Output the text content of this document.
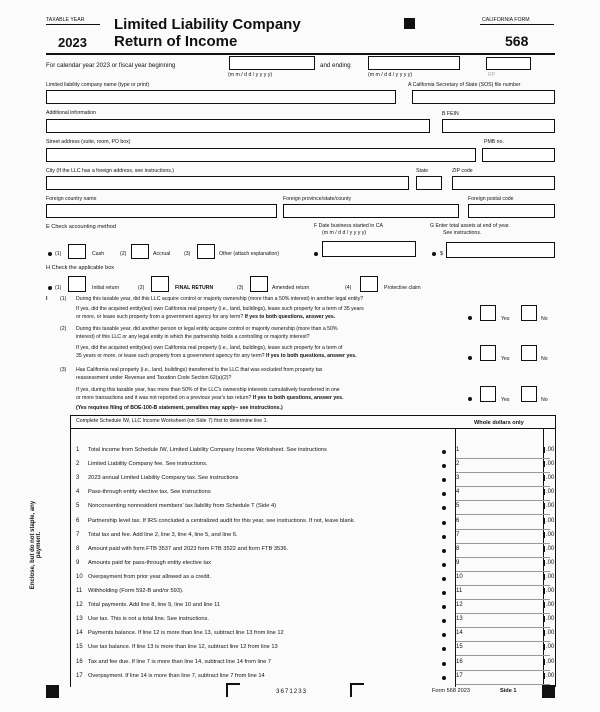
TAXABLE YEAR
2023
Limited Liability Company
Return of Income
CALIFORNIA FORM
568
For calendar year 2023 or fiscal year beginning
(m m / d d / y y y y)
and ending
(m m / d d / y y y y)	RP
Limited liability company name (type or print)	A California Secretary of State (SOS) file number
Additional information	B FEIN
Street address (suite, room, PO box)	PMB no.
City (If the LLC has a foreign address, see instructions.)	State	ZIP code
Foreign country name	Foreign province/state/county	Foreign postal code
E Check accounting method	F Date business started in CA
(m m / d d / y y y y)
G Enter total assets at end of year.
See instructions.
(1)	Cash	(2)	Accrual	(3)	Other (attach explanation)	$
H Check the applicable box
(1)	Initial return	(2)	FINAL RETURN	(3)	Amended return	(4)	Protective claim
I (1) During this taxable year, did this LLC acquire control or majority ownership (more than a 50% interest) in another legal entity?
If yes, did the acquired entity(ies) own California real property (i.e., land, buildings), lease such property for a term of 35 years
or more, or lease such property from a government agency for any term? If yes to both questions, answer yes.	Yes	No
(2) During this taxable year, did another person or legal entity acquire control or majority ownership (more than a 50%
interest) of this LLC or any legal entity in which the partnership holds a controlling or majority interest?
If yes, did the acquired entity(ies) own California real property (i.e., land, buildings), lease such property for a term of
35 years or more, or lease such property from a government agency for any term? If yes to both questions, answer yes.	Yes	No
(3) Has California real property (i.e., land, buildings) transferred to the LLC that was excluded from property tax
reassessment under Revenue and Taxation Code Section 62(a)(2)?
If yes, during this taxable year, has more than 50% of the LLC's ownership interests cumulatively transferred in one
or more transactions and it was not reported on a previous year's tax return? If yes to both questions, answer yes.	Yes	No
(Yes requires filing of BOE-100-B statement, penalties may apply– see instructions.)
Complete Schedule IW, LLC Income Worksheet (on Side 7) first to determine line 1.	Whole dollars only
Enclose, but do not staple, any payment.
1 Total income from Schedule IW, Limited Liability Company Income Worksheet. See instructions	1	.00
2 Limited Liability Company fee. See instructions.	2	.00
3 2023 annual Limited Liability Company tax. See instructions	3	.00
4 Pass-through entity elective tax. See instructions	4	.00
5 Nonconsenting nonresident members' tax liability from Schedule T (Side 4)	5	.00
6 Partnership level tax. If IRS concluded a centralized audit for this year, see instructions. If not, leave blank.	6	.00
7 Total tax and fee. Add line 2, line 3, line 4, line 5, and line 6.	7	.00
8 Amount paid with form FTB 3537 and 2023 form FTB 3522 and form FTB 3536.	8	.00
9 Amounts paid for pass-through entity elective tax	9	.00
10 Overpayment from prior year allowed as a credit.	10	.00
11 Withholding (Form 592-B and/or 593).	11	.00
12 Total payments. Add line 8, line 9, line 10 and line 11	12	.00
13 Use tax. This is not a total line. See instructions.	13	.00
14 Payments balance. If line 12 is more than line 13, subtract line 13 from line 12	14	.00
15 Use tax balance. If line 13 is more than line 12, subtract line 12 from line 13	15	.00
16 Tax and fee due. If line 7 is more than line 14, subtract line 14 from line 7	16	.00
17 Overpayment. If line 14 is more than line 7, subtract line 7 from line 14	17	.00
3671233	Form 568 2023	Side 1
